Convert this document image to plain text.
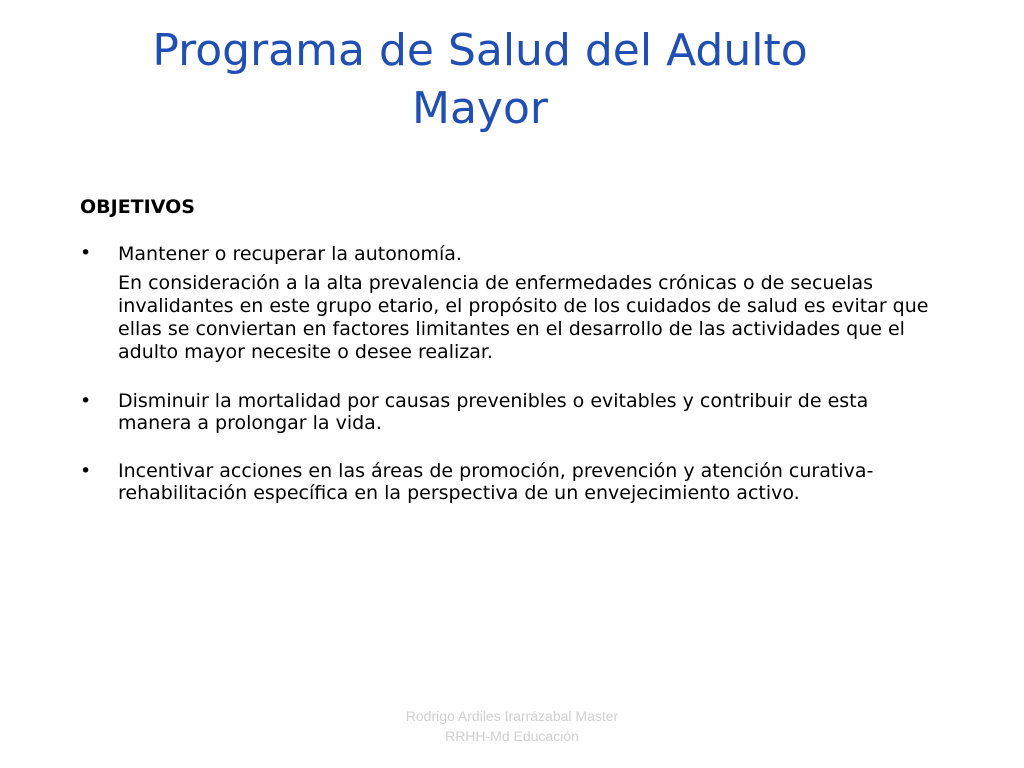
Programa de Salud del Adulto
Mayor
OBJETIVOS
• Mantener o recuperar la autonomía.
En consideración a la alta prevalencia de enfermedades crónicas o de secuelas invalidantes en este grupo etario, el propósito de los cuidados de salud es evitar que ellas se conviertan en factores limitantes en el desarrollo de las actividades que el adulto mayor necesite o desee realizar.
• Disminuir la mortalidad por causas prevenibles o evitables y contribuir de esta manera a prolongar la vida.
• Incentivar acciones en las áreas de promoción, prevención y atención curativa-rehabilitación específica en la perspectiva de un envejecimiento activo.
Rodrigo Ardiles Irarrázabal Master
RRHH-Md Educación
